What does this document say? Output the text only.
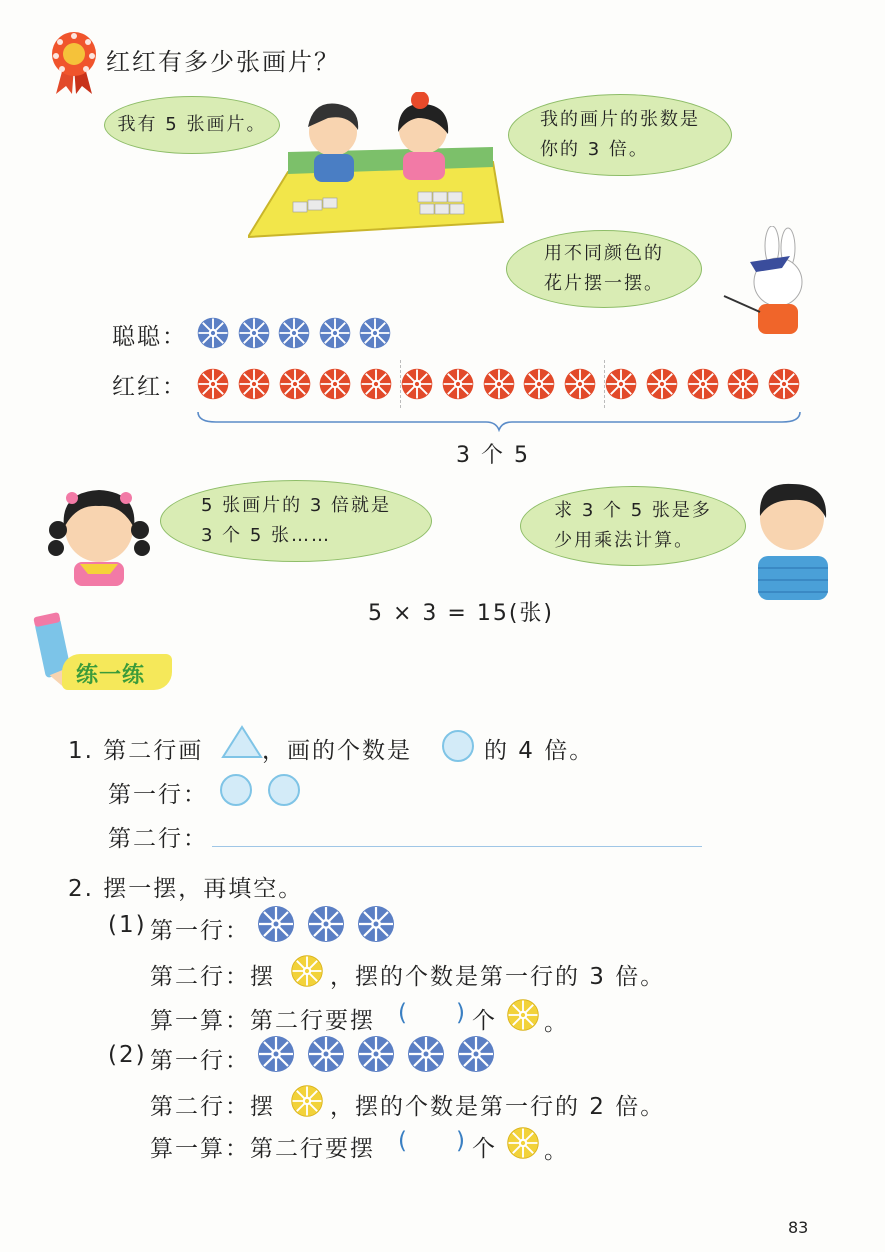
红红有多少张画片？
我有 5 张画片。	我的画片的张数是
你的 3 倍。
用不同颜色的
花片摆一摆。
聪聪：
红红：
3 个 5
5 张画片的 3 倍就是
3 个 5 张……
求 3 个 5 张是多
少用乘法计算。
5 × 3 = 15(张)
练一练
1. 第二行画	，画的个数是	的 4 倍。
第一行：
第二行：
2. 摆一摆，再填空。
(1) 第一行：
第二行：摆 ，摆的个数是第一行的 3 倍。
算一算：第二行要摆 ( ) 个 。
(2) 第一行：
第二行：摆 ，摆的个数是第一行的 2 倍。
算一算：第二行要摆 ( ) 个 。
83
